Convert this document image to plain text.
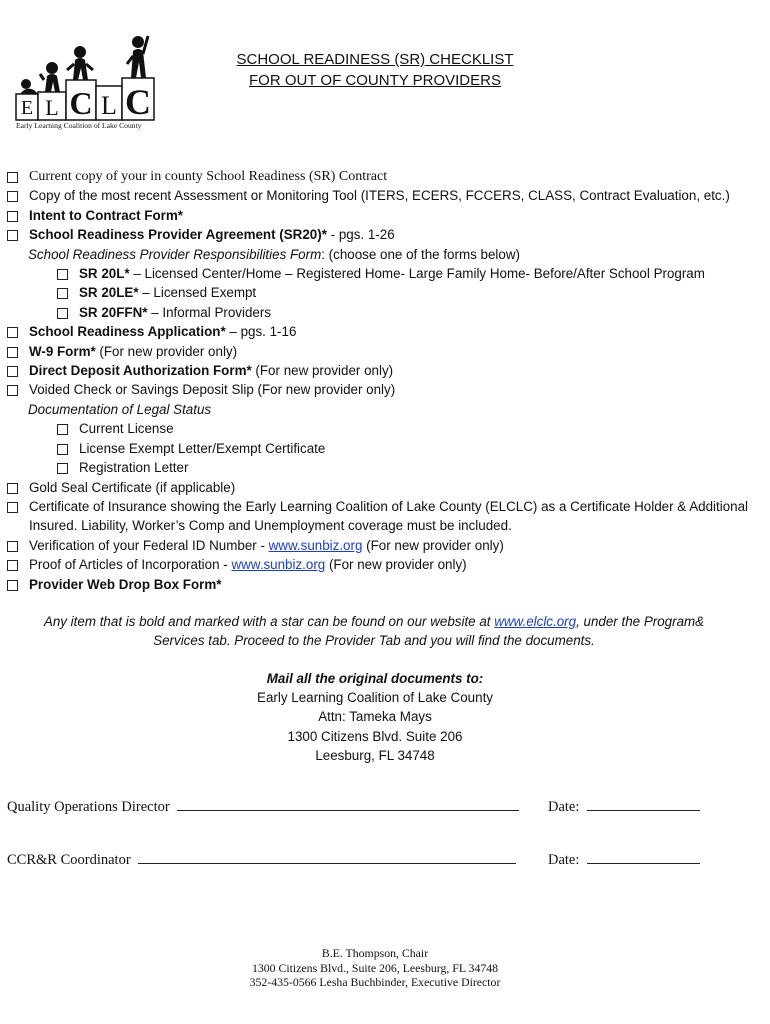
E L C L C
Early Learning Coalition of Lake County
SCHOOL READINESS (SR) CHECKLIST
FOR OUT OF COUNTY PROVIDERS
Current copy of your in county School Readiness (SR) Contract
Copy of the most recent Assessment or Monitoring Tool (ITERS, ECERS, FCCERS, CLASS, Contract Evaluation, etc.)
Intent to Contract Form*
School Readiness Provider Agreement (SR20)* - pgs. 1-26
School Readiness Provider Responsibilities Form: (choose one of the forms below)
SR 20L* – Licensed Center/Home – Registered Home- Large Family Home- Before/After School Program
SR 20LE* – Licensed Exempt
SR 20FFN* – Informal Providers
School Readiness Application* – pgs. 1-16
W-9 Form* (For new provider only)
Direct Deposit Authorization Form* (For new provider only)
Voided Check or Savings Deposit Slip (For new provider only)
Documentation of Legal Status
Current License
License Exempt Letter/Exempt Certificate
Registration Letter
Gold Seal Certificate (if applicable)
Certificate of Insurance showing the Early Learning Coalition of Lake County (ELCLC) as a Certificate Holder & Additional Insured. Liability, Worker’s Comp and Unemployment coverage must be included.
Verification of your Federal ID Number - www.sunbiz.org (For new provider only)
Proof of Articles of Incorporation - www.sunbiz.org (For new provider only)
Provider Web Drop Box Form*
Any item that is bold and marked with a star can be found on our website at www.elclc.org, under the Program& Services tab. Proceed to the Provider Tab and you will find the documents.
Mail all the original documents to:
Early Learning Coalition of Lake County
Attn: Tameka Mays
1300 Citizens Blvd. Suite 206
Leesburg, FL 34748
Quality Operations Director	Date:
CCR&R Coordinator	Date:
B.E. Thompson, Chair
1300 Citizens Blvd., Suite 206, Leesburg, FL 34748
352-435-0566 Lesha Buchbinder, Executive Director
